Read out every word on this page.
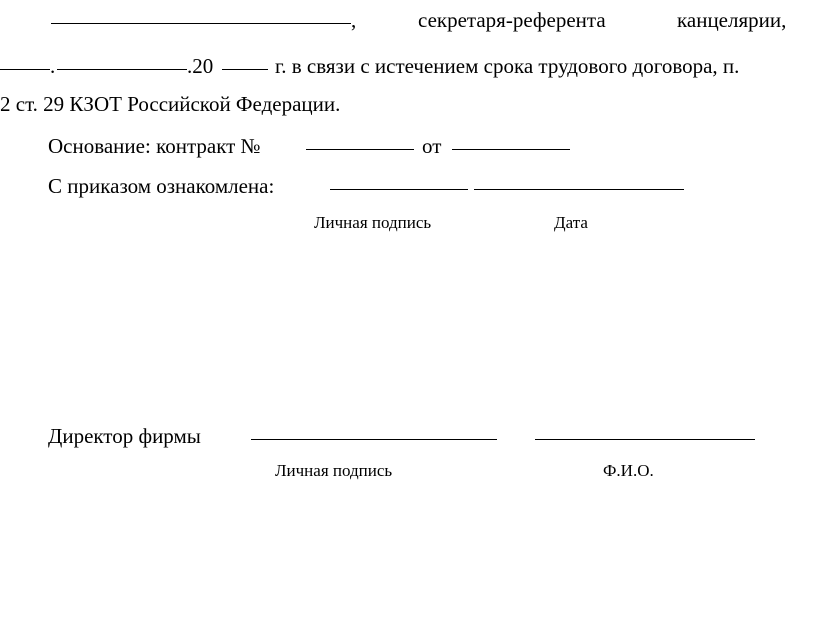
,	секретаря-референта	канцелярии,
.	.20	г. в связи с истечением срока трудового договора, п.
2 ст. 29 КЗОТ Российской Федерации.
Основание: контракт №	от
С приказом ознакомлена:
Личная подпись	Дата
Директор фирмы
Личная подпись	Ф.И.О.
